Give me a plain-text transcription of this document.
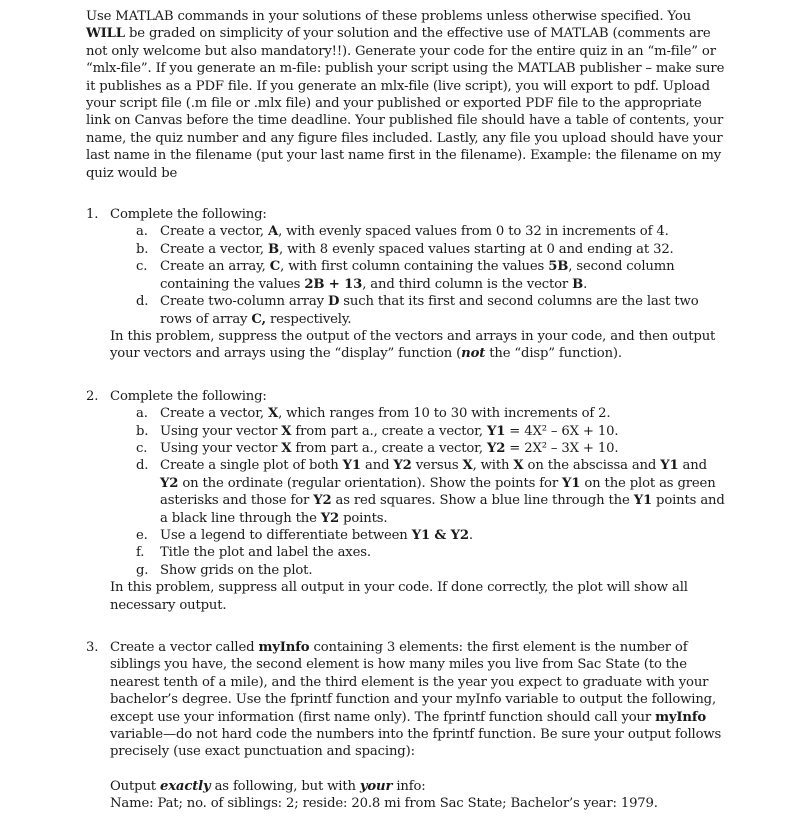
Use MATLAB commands in your solutions of these problems unless otherwise specified. You WILL be graded on simplicity of your solution and the effective use of MATLAB (comments are not only welcome but also mandatory!!). Generate your code for the entire quiz in an “m-file” or “mlx-file”. If you generate an m-file: publish your script using the MATLAB publisher – make sure it publishes as a PDF file. If you generate an mlx-file (live script), you will export to pdf. Upload your script file (.m file or .mlx file) and your published or exported PDF file to the appropriate link on Canvas before the time deadline. Your published file should have a table of contents, your name, the quiz number and any figure files included. Lastly, any file you upload should have your last name in the filename (put your last name first in the filename). Example: the filename on my quiz would be

1. Complete the following:
a. Create a vector, A, with evenly spaced values from 0 to 32 in increments of 4.
b. Create a vector, B, with 8 evenly spaced values starting at 0 and ending at 32.
c. Create an array, C, with first column containing the values 5B, second column containing the values 2B + 13, and third column is the vector B.
d. Create two-column array D such that its first and second columns are the last two rows of array C, respectively.
In this problem, suppress the output of the vectors and arrays in your code, and then output your vectors and arrays using the “display” function (not the “disp” function).
2. Complete the following:
a. Create a vector, X, which ranges from 10 to 30 with increments of 2.
b. Using your vector X from part a., create a vector, Y1 = 4X² – 6X + 10.
c. Using your vector X from part a., create a vector, Y2 = 2X² – 3X + 10.
d. Create a single plot of both Y1 and Y2 versus X, with X on the abscissa and Y1 and Y2 on the ordinate (regular orientation). Show the points for Y1 on the plot as green asterisks and those for Y2 as red squares. Show a blue line through the Y1 points and a black line through the Y2 points.
e. Use a legend to differentiate between Y1 & Y2.
f. Title the plot and label the axes.
g. Show grids on the plot.
In this problem, suppress all output in your code. If done correctly, the plot will show all necessary output.
3. Create a vector called myInfo containing 3 elements: the first element is the number of siblings you have, the second element is how many miles you live from Sac State (to the nearest tenth of a mile), and the third element is the year you expect to graduate with your bachelor’s degree. Use the fprintf function and your myInfo variable to output the following, except use your information (first name only). The fprintf function should call your myInfo variable—do not hard code the numbers into the fprintf function. Be sure your output follows precisely (use exact punctuation and spacing):
Output exactly as following, but with your info:
Name: Pat; no. of siblings: 2; reside: 20.8 mi from Sac State; Bachelor’s year: 1979.
